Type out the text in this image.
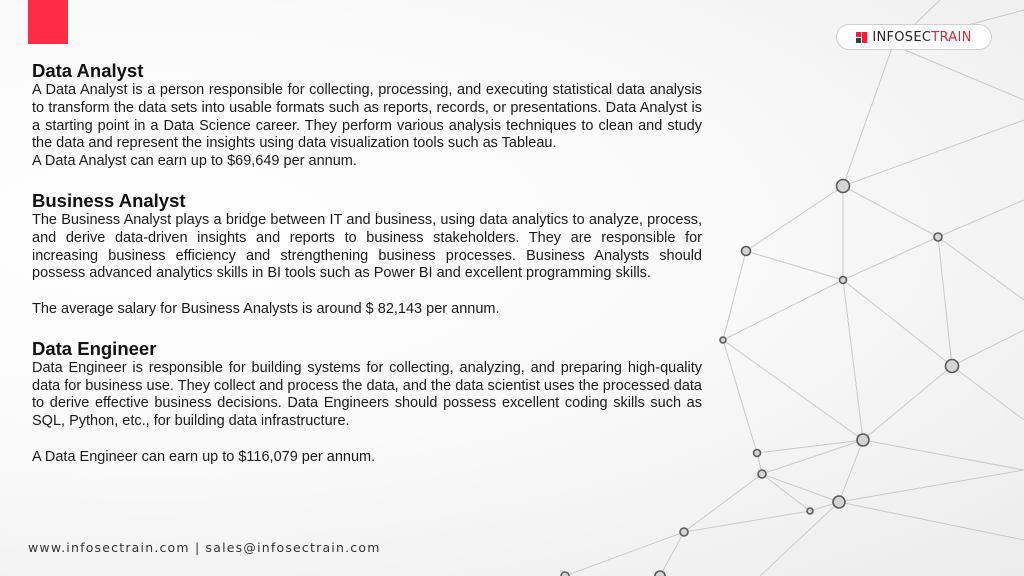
INFOSECTRAIN
Data Analyst

A Data Analyst is a person responsible for collecting, processing, and executing statistical data analysis to transform the data sets into usable formats such as reports, records, or presentations. Data Analyst is a starting point in a Data Science career. They perform various analysis techniques to clean and study the data and represent the insights using data visualization tools such as Tableau.

A Data Analyst can earn up to $69,649 per annum.

Business Analyst

The Business Analyst plays a bridge between IT and business, using data analytics to analyze, process, and derive data-driven insights and reports to business stakeholders. They are responsible for increasing business efficiency and strengthening business processes. Business Analysts should possess advanced analytics skills in BI tools such as Power BI and excellent programming skills.

The average salary for Business Analysts is around $ 82,143 per annum.

Data Engineer

Data Engineer is responsible for building systems for collecting, analyzing, and preparing high-quality data for business use. They collect and process the data, and the data scientist uses the processed data to derive effective business decisions. Data Engineers should possess excellent coding skills such as SQL, Python, etc., for building data infrastructure.

A Data Engineer can earn up to $116,079 per annum.

www.infosectrain.com | sales@infosectrain.com
